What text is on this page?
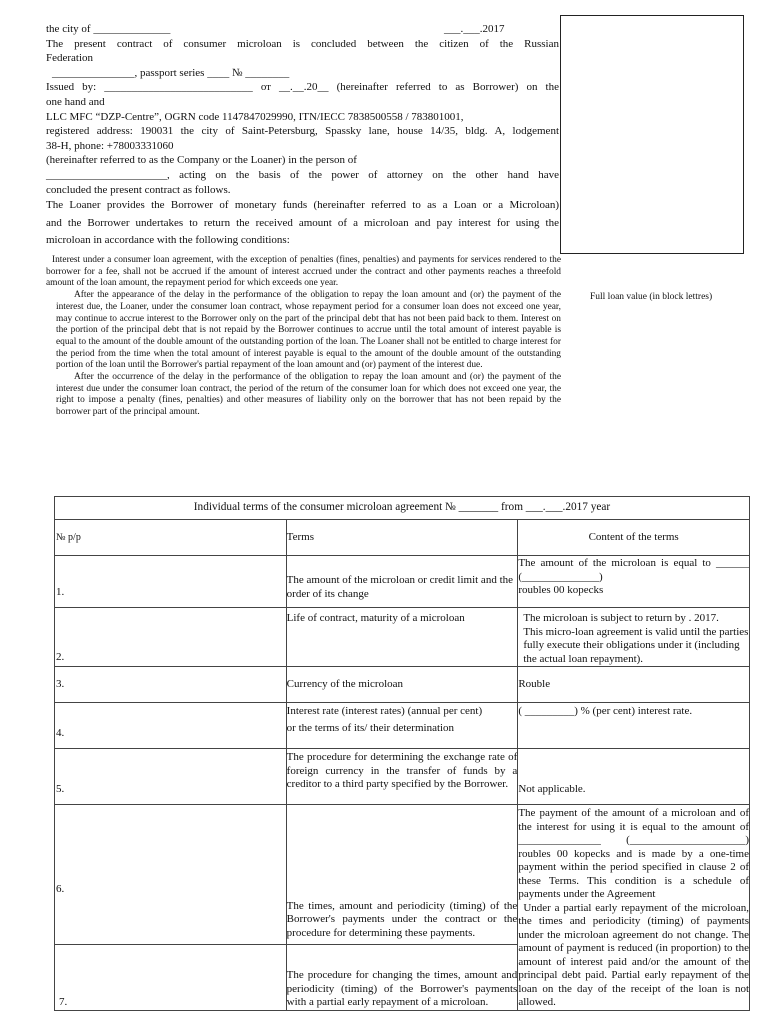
the city of ______________	___.___.2017

The present contract of consumer microloan is concluded between the citizen of the Russian

Federation

_______________, passport series ____ № ________

Issued by: ___________________________ от __.__.20__ (hereinafter referred to as Borrower) on the

one hand and

LLC MFC “DZP-Centre”, OGRN code 1147847029990, ITN/IECC 7838500558 / 783801001,

registered address: 190031 the city of Saint-Petersburg, Spassky lane, house 14/35, bldg. A, lodgement

38-H, phone: +78003331060

(hereinafter referred to as the Company or the Loaner) in the person of

______________________, acting on the basis of the power of attorney on the other hand have

concluded the present contract as follows.

The Loaner provides the Borrower of monetary funds (hereinafter referred to as a Loan or a Microloan)

and the Borrower undertakes to return the received amount of a microloan and pay interest for using the

microloan in accordance with the following conditions:

Full loan value (in block lettres)

Interest under a consumer loan agreement, with the exception of penalties (fines, penalties) and payments for services rendered to the borrower for a fee, shall not be accrued if the amount of interest accrued under the contract and other payments reaches a threefold amount of the loan amount, the repayment period for which exceeds one year.

After the appearance of the delay in the performance of the obligation to repay the loan amount and (or) the payment of the interest due, the Loaner, under the consumer loan contract, whose repayment period for a consumer loan does not exceed one year, may continue to accrue interest to the Borrower only on the part of the principal debt that has not been paid back to them. Interest on the portion of the principal debt that is not repaid by the Borrower continues to accrue until the total amount of interest payable is equal to the amount of the double amount of the outstanding portion of the loan. The Loaner shall not be entitled to charge interest for the period from the time when the total amount of interest payable is equal to the amount of the double amount of the outstanding portion of the loan until the Borrower's partial repayment of the loan amount and (or) payment of the interest due.

After the occurrence of the delay in the performance of the obligation to repay the loan amount and (or) the payment of the interest due under the consumer loan contract, the period of the return of the consumer loan for which does not exceed one year, the right to impose a penalty (fines, penalties) and other measures of liability only on the borrower that has not been repaid by the borrower part of the principal amount.

Individual terms of the consumer microloan agreement № _______ from ___.___.2017 year		
№ p/p	Terms	Content of the terms
1.	The amount of the microloan or credit limit and the order of its change	The amount of the microloan is equal to ______ (______________)
roubles 00 kopecks

2.	Life of contract, maturity of a microloan	The microloan is subject to return by . 2017.
This micro-loan agreement is valid until the parties fully execute their obligations under it (including the actual loan repayment).

3.	Currency of the microloan	Rouble
4.	Interest rate (interest rates) (annual per cent)
or the terms of its/ their determination	( _________) % (per cent) interest rate.
5.	The procedure for determining the exchange rate of foreign currency in the transfer of funds by a creditor to a third party specified by the Borrower.	Not applicable.
6.	The times, amount and periodicity (timing) of the Borrower's payments under the contract or the procedure for determining these payments.	The payment of the amount of a microloan and of the interest for using it is equal to the amount of _______________ (_____________________) roubles 00 kopecks and is made by a one-time payment within the period specified in clause 2 of these Terms. This condition is a schedule of payments under the Agreement
Under a partial early repayment of the microloan, the times and periodicity (timing) of payments under the microloan agreement do not change. The amount of payment is reduced (in proportion) to the amount of interest paid and/or the amount of the principal debt paid. Partial early repayment of the loan on the day of the receipt of the loan is not allowed.

7.	The procedure for changing the times, amount and periodicity (timing) of the Borrower's payments with a partial early repayment of a microloan.	
